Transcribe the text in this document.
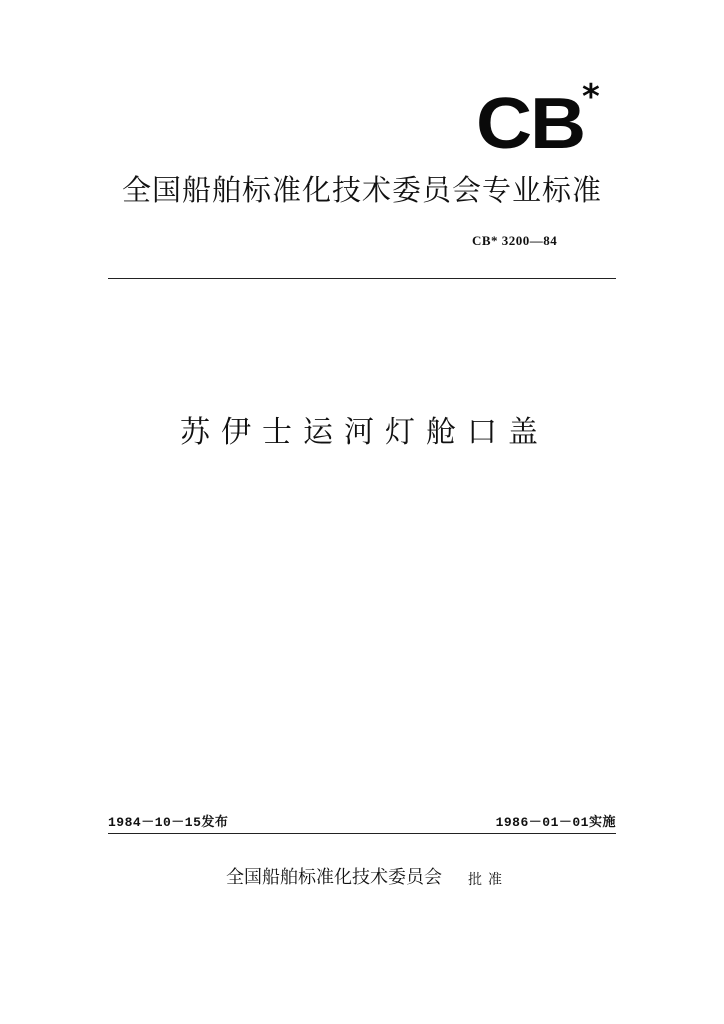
CB
*
全国船舶标准化技术委员会专业标准
CB* 3200—84
苏伊士运河灯舱口盖
1984－10－15发布	1986－01－01实施
全国船舶标准化技术委员会 批准
